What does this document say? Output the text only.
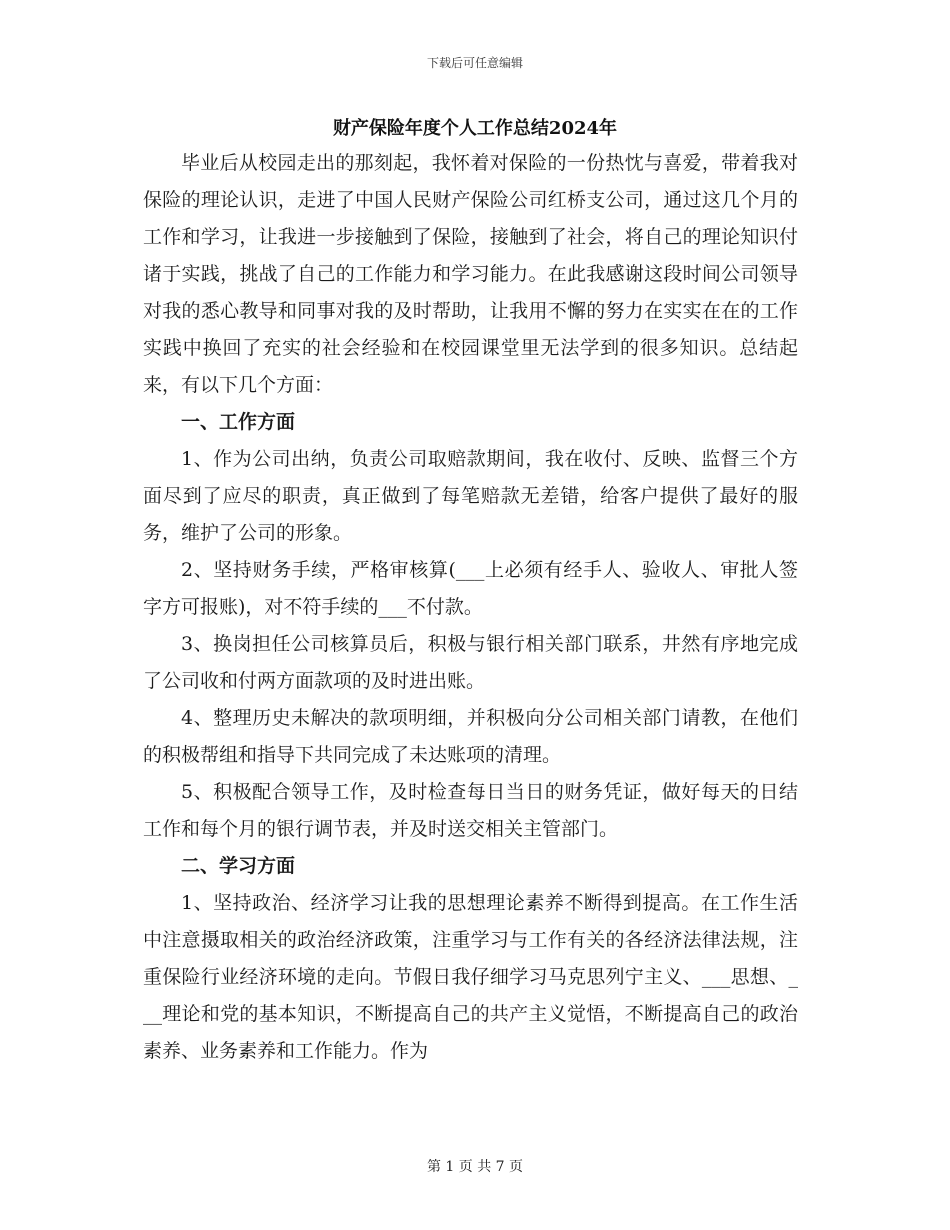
下载后可任意编辑
财产保险年度个人工作总结2024年

毕业后从校园走出的那刻起，我怀着对保险的一份热忱与喜爱，带着我对保险的理论认识，走进了中国人民财产保险公司红桥支公司，通过这几个月的工作和学习，让我进一步接触到了保险，接触到了社会，将自己的理论知识付诸于实践，挑战了自己的工作能力和学习能力。在此我感谢这段时间公司领导对我的悉心教导和同事对我的及时帮助，让我用不懈的努力在实实在在的工作实践中换回了充实的社会经验和在校园课堂里无法学到的很多知识。总结起来，有以下几个方面：

一、工作方面

1、作为公司出纳，负责公司取赔款期间，我在收付、反映、监督三个方面尽到了应尽的职责，真正做到了每笔赔款无差错，给客户提供了最好的服务，维护了公司的形象。

2、坚持财务手续，严格审核算(___上必须有经手人、验收人、审批人签字方可报账)，对不符手续的___不付款。

3、换岗担任公司核算员后，积极与银行相关部门联系，井然有序地完成了公司收和付两方面款项的及时进出账。

4、整理历史未解决的款项明细，并积极向分公司相关部门请教，在他们的积极帮组和指导下共同完成了未达账项的清理。

5、积极配合领导工作，及时检查每日当日的财务凭证，做好每天的日结工作和每个月的银行调节表，并及时送交相关主管部门。

二、学习方面

1、坚持政治、经济学习让我的思想理论素养不断得到提高。在工作生活中注意摄取相关的政治经济政策，注重学习与工作有关的各经济法律法规，注重保险行业经济环境的走向。节假日我仔细学习马克思列宁主义、___思想、___理论和党的基本知识，不断提高自己的共产主义觉悟，不断提高自己的政治素养、业务素养和工作能力。作为

第 1 页 共 7 页
